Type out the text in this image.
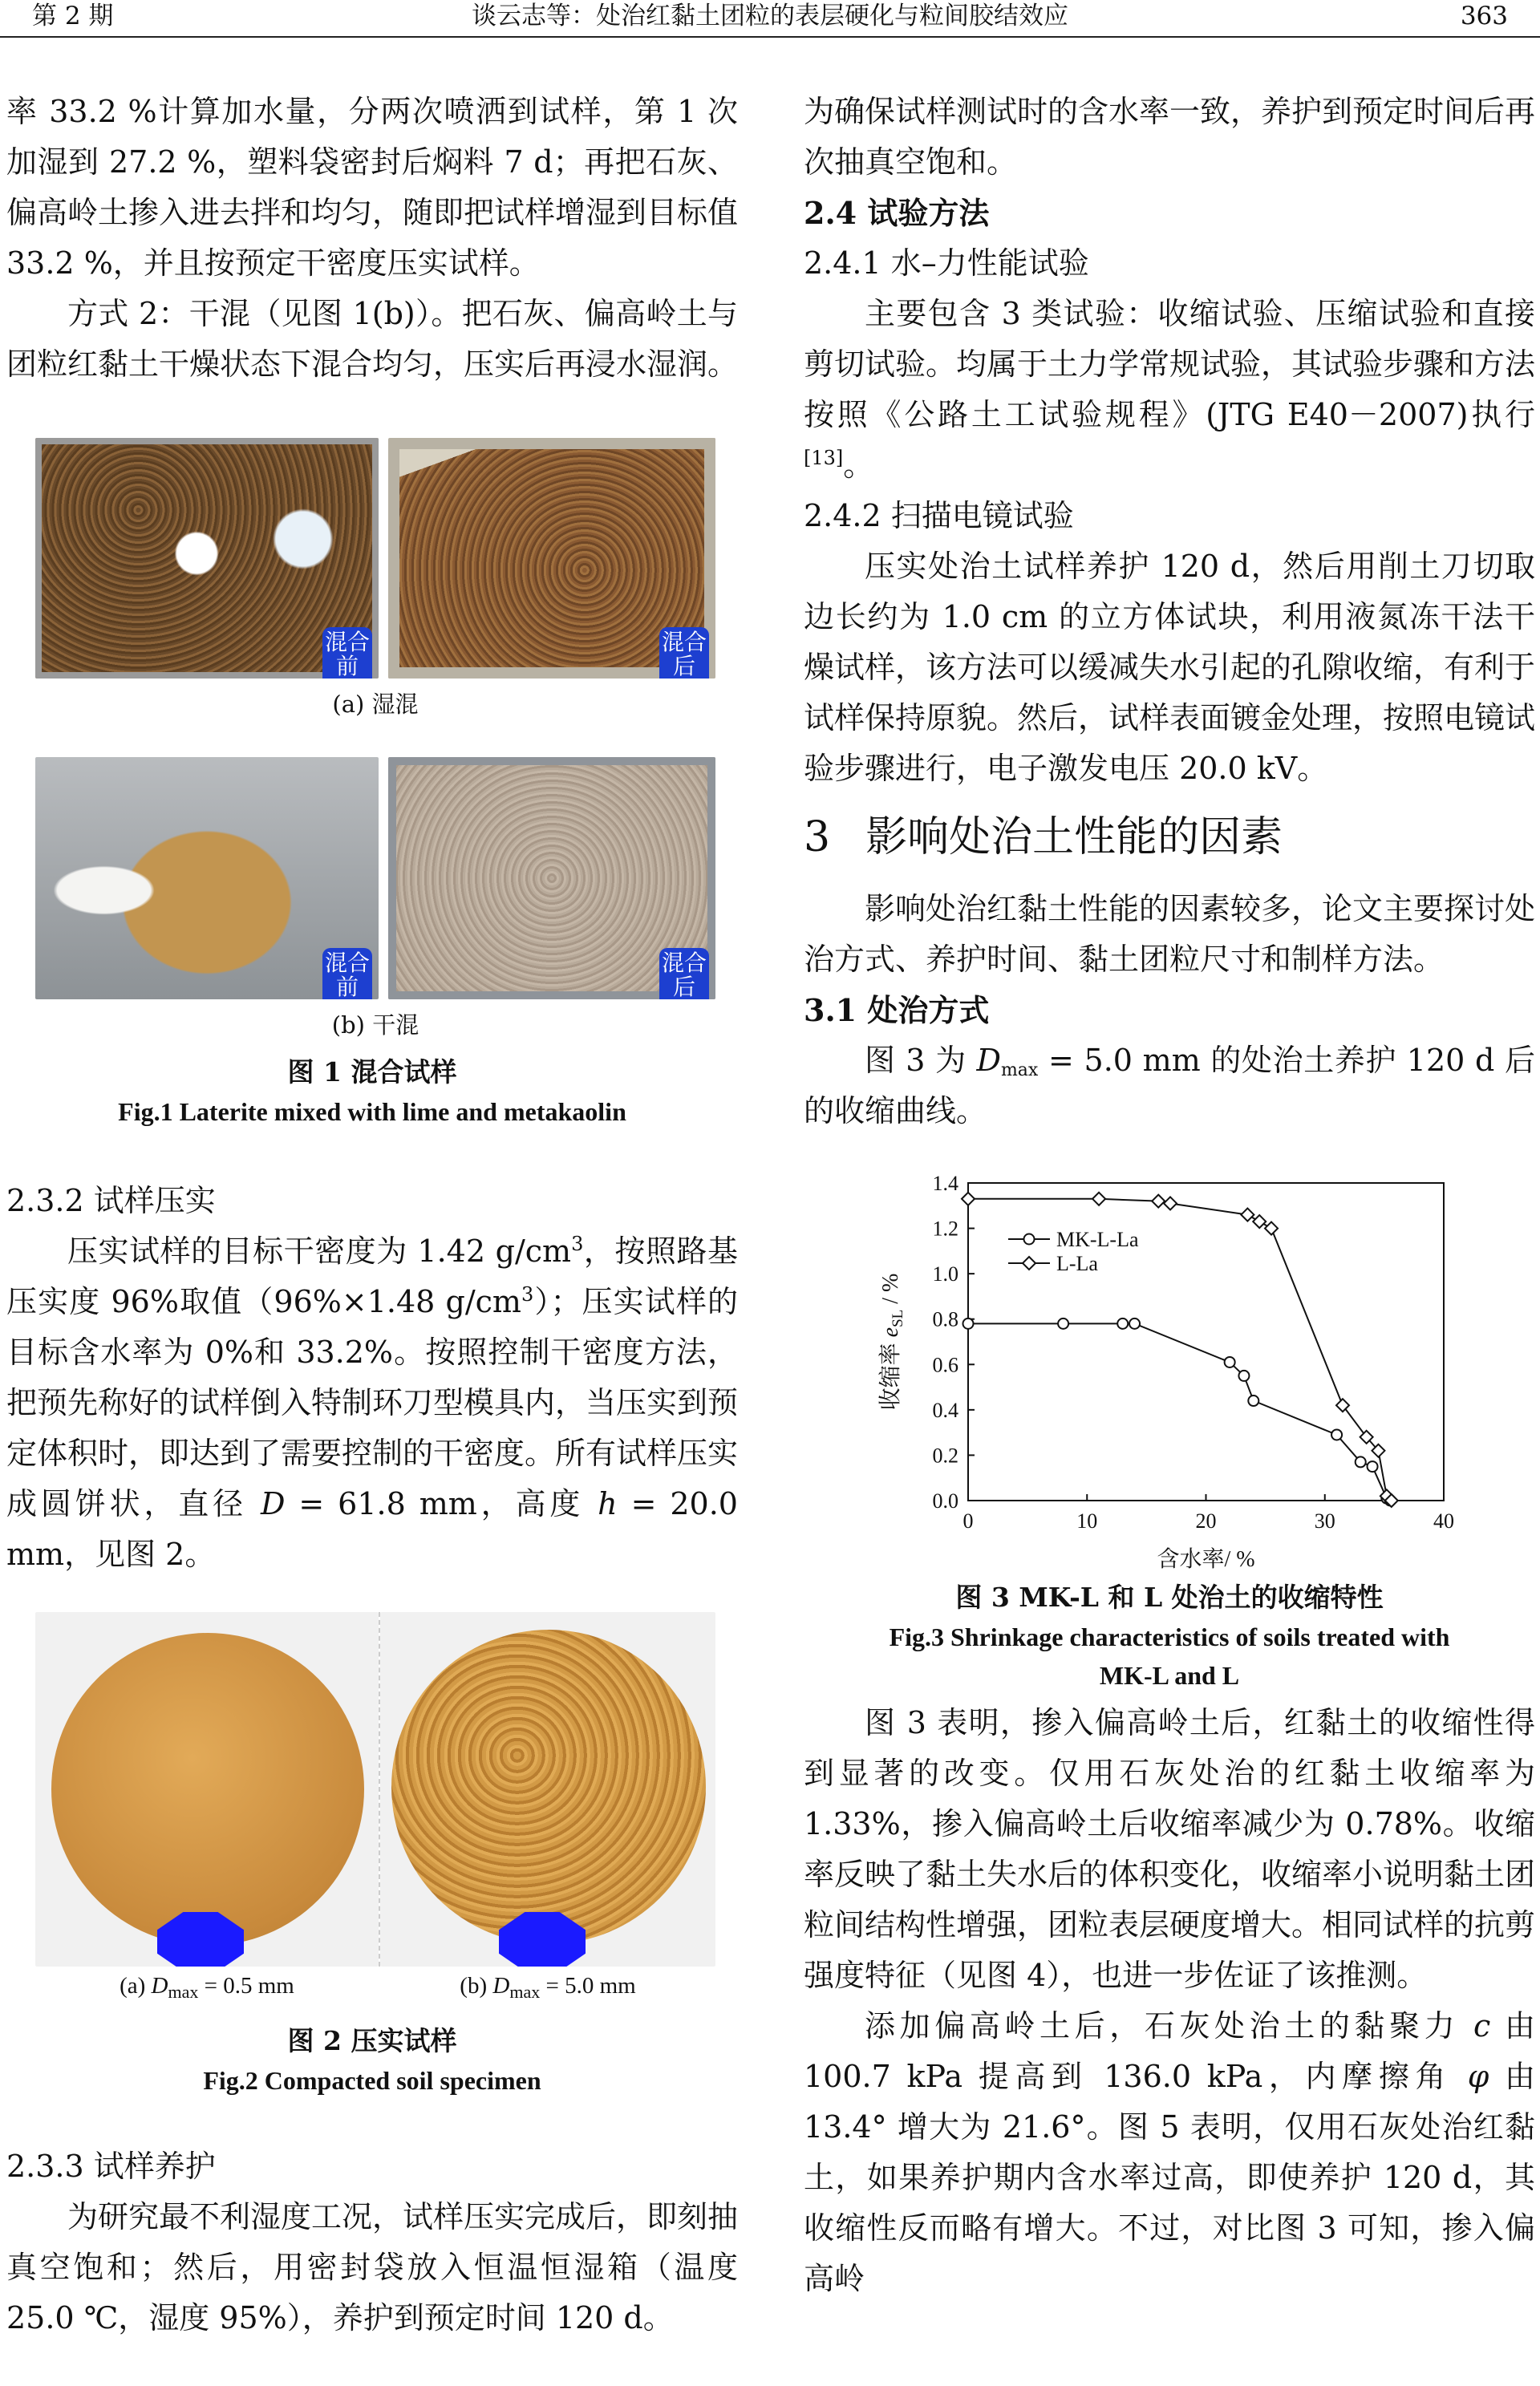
第 2 期	谈云志等：处治红黏土团粒的表层硬化与粒间胶结效应	363

率 33.2 %计算加水量，分两次喷洒到试样，第 1 次加湿到 27.2 %，塑料袋密封后焖料 7 d；再把石灰、偏高岭土掺入进去拌和均匀，随即把试样增湿到目标值 33.2 %，并且按预定干密度压实试样。

方式 2：干混（见图 1(b)）。把石灰、偏高岭土与团粒红黏土干燥状态下混合均匀，压实后再浸水湿润。

混合
前
混合
后
(a) 湿混
混合
前
混合
后
(b) 干混

图 1 混合试样

Fig.1 Laterite mixed with lime and metakaolin

2.3.2 试样压实

压实试样的目标干密度为 1.42 $g/cm^3$，按照路基压实度 96%取值（96%×1.48 $g/cm^3$）；压实试样的目标含水率为 0%和 33.2%。按照控制干密度方法，把预先称好的试样倒入特制环刀型模具内，当压实到预定体积时，即达到了需要控制的干密度。所有试样压实成圆饼状，直径 D = 61.8 mm，高度 h = 20.0 mm，见图 2。

(a) $D_{max} = 0.5$ mm	(b) $D_{max} = 5.0$ mm

图 2 压实试样

Fig.2 Compacted soil specimen

2.3.3 试样养护

为研究最不利湿度工况，试样压实完成后，即刻抽真空饱和；然后，用密封袋放入恒温恒湿箱（温度 25.0 ℃，湿度 95%），养护到预定时间 120 d。

为确保试样测试时的含水率一致，养护到预定时间后再次抽真空饱和。

2.4 试验方法

2.4.1 水–力性能试验

主要包含 3 类试验：收缩试验、压缩试验和直接剪切试验。均属于土力学常规试验，其试验步骤和方法按照《公路土工试验规程》(JTG E40－2007)执行[13]。

2.4.2 扫描电镜试验

压实处治土试样养护 120 d，然后用削土刀切取边长约为 1.0 cm 的立方体试块，利用液氮冻干法干燥试样，该方法可以缓减失水引起的孔隙收缩，有利于试样保持原貌。然后，试样表面镀金处理，按照电镜试验步骤进行，电子激发电压 20.0 kV。

3 影响处治土性能的因素

影响处治红黏土性能的因素较多，论文主要探讨处治方式、养护时间、黏土团粒尺寸和制样方法。

3.1 处治方式

图 3 为 $D_{max} = 5.0$ mm 的处治土养护 120 d 后的收缩曲线。

0	10	20	30	40
0.0
0.2
0.4
0.6
0.8
1.0
1.2
1.4
含水率/ %
收缩率 $e_{SL}$ / %
MK-L-La
L-La

图 3 MK-L 和 L 处治土的收缩特性

Fig.3 Shrinkage characteristics of soils treated with

MK-L and L

图 3 表明，掺入偏高岭土后，红黏土的收缩性得到显著的改变。仅用石灰处治的红黏土收缩率为 1.33%，掺入偏高岭土后收缩率减少为 0.78%。收缩率反映了黏土失水后的体积变化，收缩率小说明黏土团粒间结构性增强，团粒表层硬度增大。相同试样的抗剪强度特征（见图 4），也进一步佐证了该推测。

添加偏高岭土后，石灰处治土的黏聚力 c 由 100.7 kPa 提高到 136.0 kPa，内摩擦角 φ 由 13.4° 增大为 21.6°。图 5 表明，仅用石灰处治红黏土，如果养护期内含水率过高，即使养护 120 d，其收缩性反而略有增大。不过，对比图 3 可知，掺入偏高岭
